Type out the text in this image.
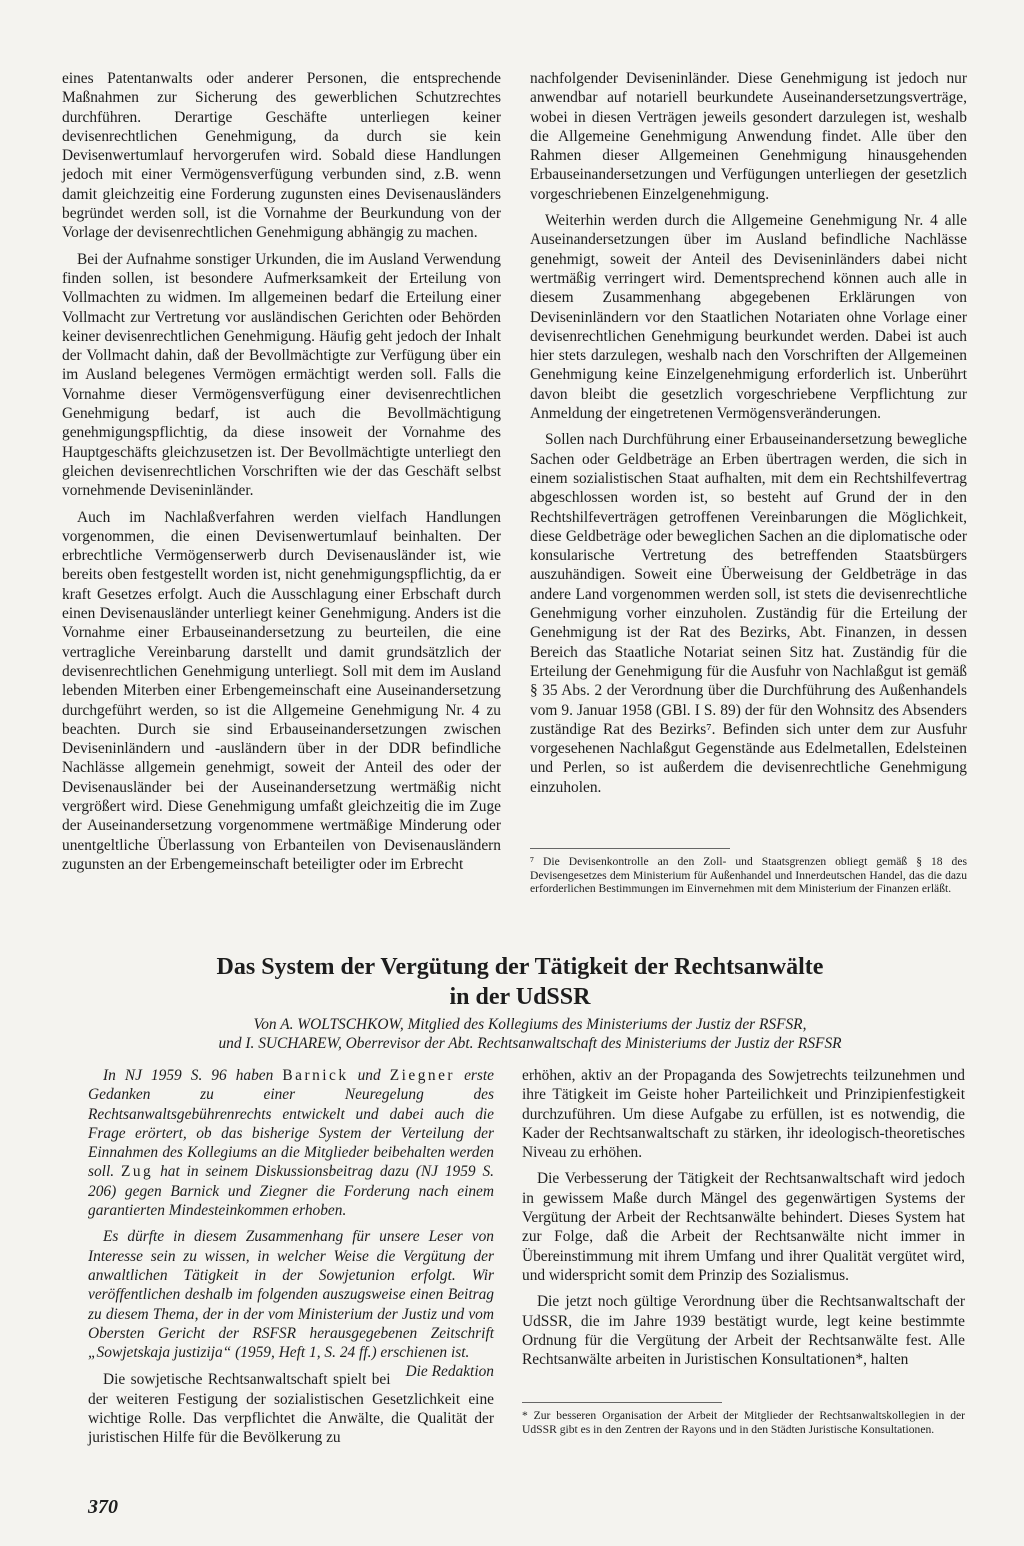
eines Patentanwalts oder anderer Personen, die entsprechende Maßnahmen zur Sicherung des gewerblichen Schutzrechtes durchführen. Derartige Geschäfte unterliegen keiner devisenrechtlichen Genehmigung, da durch sie kein Devisenwertumlauf hervorgerufen wird. Sobald diese Handlungen jedoch mit einer Vermögensverfügung verbunden sind, z.B. wenn damit gleichzeitig eine Forderung zugunsten eines Devisenausländers begründet werden soll, ist die Vornahme der Beurkundung von der Vorlage der devisenrechtlichen Genehmigung abhängig zu machen.

Bei der Aufnahme sonstiger Urkunden, die im Ausland Verwendung finden sollen, ist besondere Aufmerksamkeit der Erteilung von Vollmachten zu widmen. Im allgemeinen bedarf die Erteilung einer Vollmacht zur Vertretung vor ausländischen Gerichten oder Behörden keiner devisenrechtlichen Genehmigung. Häufig geht jedoch der Inhalt der Vollmacht dahin, daß der Bevollmächtigte zur Verfügung über ein im Ausland belegenes Vermögen ermächtigt werden soll. Falls die Vornahme dieser Vermögensverfügung einer devisenrechtlichen Genehmigung bedarf, ist auch die Bevollmächtigung genehmigungspflichtig, da diese insoweit der Vornahme des Hauptgeschäfts gleichzusetzen ist. Der Bevollmächtigte unterliegt den gleichen devisenrechtlichen Vorschriften wie der das Geschäft selbst vornehmende Deviseninländer.

Auch im Nachlaßverfahren werden vielfach Handlungen vorgenommen, die einen Devisenwertumlauf beinhalten. Der erbrechtliche Vermögenserwerb durch Devisenausländer ist, wie bereits oben festgestellt worden ist, nicht genehmigungspflichtig, da er kraft Gesetzes erfolgt. Auch die Ausschlagung einer Erbschaft durch einen Devisenausländer unterliegt keiner Genehmigung. Anders ist die Vornahme einer Erbauseinandersetzung zu beurteilen, die eine vertragliche Vereinbarung darstellt und damit grundsätzlich der devisenrechtlichen Genehmigung unterliegt. Soll mit dem im Ausland lebenden Miterben einer Erbengemeinschaft eine Auseinandersetzung durchgeführt werden, so ist die Allgemeine Genehmigung Nr. 4 zu beachten. Durch sie sind Erbauseinandersetzungen zwischen Deviseninländern und -ausländern über in der DDR befindliche Nachlässe allgemein genehmigt, soweit der Anteil des oder der Devisenausländer bei der Auseinandersetzung wertmäßig nicht vergrößert wird. Diese Genehmigung umfaßt gleichzeitig die im Zuge der Auseinandersetzung vorgenommene wertmäßige Minderung oder unentgeltliche Überlassung von Erbanteilen von Devisenausländern zugunsten an der Erbengemeinschaft beteiligter oder im Erbrecht

nachfolgender Deviseninländer. Diese Genehmigung ist jedoch nur anwendbar auf notariell beurkundete Auseinandersetzungsverträge, wobei in diesen Verträgen jeweils gesondert darzulegen ist, weshalb die Allgemeine Genehmigung Anwendung findet. Alle über den Rahmen dieser Allgemeinen Genehmigung hinausgehenden Erbauseinandersetzungen und Verfügungen unterliegen der gesetzlich vorgeschriebenen Einzelgenehmigung.

Weiterhin werden durch die Allgemeine Genehmigung Nr. 4 alle Auseinandersetzungen über im Ausland befindliche Nachlässe genehmigt, soweit der Anteil des Deviseninländers dabei nicht wertmäßig verringert wird. Dementsprechend können auch alle in diesem Zusammenhang abgegebenen Erklärungen von Deviseninländern vor den Staatlichen Notariaten ohne Vorlage einer devisenrechtlichen Genehmigung beurkundet werden. Dabei ist auch hier stets darzulegen, weshalb nach den Vorschriften der Allgemeinen Genehmigung keine Einzelgenehmigung erforderlich ist. Unberührt davon bleibt die gesetzlich vorgeschriebene Verpflichtung zur Anmeldung der eingetretenen Vermögensveränderungen.

Sollen nach Durchführung einer Erbauseinandersetzung bewegliche Sachen oder Geldbeträge an Erben übertragen werden, die sich in einem sozialistischen Staat aufhalten, mit dem ein Rechtshilfevertrag abgeschlossen worden ist, so besteht auf Grund der in den Rechtshilfeverträgen getroffenen Vereinbarungen die Möglichkeit, diese Geldbeträge oder beweglichen Sachen an die diplomatische oder konsularische Vertretung des betreffenden Staatsbürgers auszuhändigen. Soweit eine Überweisung der Geldbeträge in das andere Land vorgenommen werden soll, ist stets die devisenrechtliche Genehmigung vorher einzuholen. Zuständig für die Erteilung der Genehmigung ist der Rat des Bezirks, Abt. Finanzen, in dessen Bereich das Staatliche Notariat seinen Sitz hat. Zuständig für die Erteilung der Genehmigung für die Ausfuhr von Nachlaßgut ist gemäß § 35 Abs. 2 der Verordnung über die Durchführung des Außenhandels vom 9. Januar 1958 (GBl. I S. 89) der für den Wohnsitz des Absenders zuständige Rat des Bezirks⁷. Befinden sich unter dem zur Ausfuhr vorgesehenen Nachlaßgut Gegenstände aus Edelmetallen, Edelsteinen und Perlen, so ist außerdem die devisenrechtliche Genehmigung einzuholen.

⁷ Die Devisenkontrolle an den Zoll- und Staatsgrenzen obliegt gemäß § 18 des Devisengesetzes dem Ministerium für Außenhandel und Innerdeutschen Handel, das die dazu erforderlichen Bestimmungen im Einvernehmen mit dem Ministerium der Finanzen erläßt.
Das System der Vergütung der Tätigkeit der Rechtsanwälte
in der UdSSR
Von A. WOLTSCHKOW, Mitglied des Kollegiums des Ministeriums der Justiz der RSFSR,
und I. SUCHAREW, Oberrevisor der Abt. Rechtsanwaltschaft des Ministeriums der Justiz der RSFSR

In NJ 1959 S. 96 haben Barnick und Ziegner erste Gedanken zu einer Neuregelung des Rechtsanwaltsgebührenrechts entwickelt und dabei auch die Frage erörtert, ob das bisherige System der Verteilung der Einnahmen des Kollegiums an die Mitglieder beibehalten werden soll. Zug hat in seinem Diskussionsbeitrag dazu (NJ 1959 S. 206) gegen Barnick und Ziegner die Forderung nach einem garantierten Mindesteinkommen erhoben.

Es dürfte in diesem Zusammenhang für unsere Leser von Interesse sein zu wissen, in welcher Weise die Vergütung der anwaltlichen Tätigkeit in der Sowjetunion erfolgt. Wir veröffentlichen deshalb im folgenden auszugsweise einen Beitrag zu diesem Thema, der in der vom Ministerium der Justiz und vom Obersten Gericht der RSFSR herausgegebenen Zeitschrift „Sowjetskaja justizija“ (1959, Heft 1, S. 24 ff.) erschienen ist.
Die Redaktion

Die sowjetische Rechtsanwaltschaft spielt bei der weiteren Festigung der sozialistischen Gesetzlichkeit eine wichtige Rolle. Das verpflichtet die Anwälte, die Qualität der juristischen Hilfe für die Bevölkerung zu

erhöhen, aktiv an der Propaganda des Sowjetrechts teilzunehmen und ihre Tätigkeit im Geiste hoher Parteilichkeit und Prinzipienfestigkeit durchzuführen. Um diese Aufgabe zu erfüllen, ist es notwendig, die Kader der Rechtsanwaltschaft zu stärken, ihr ideologisch-theoretisches Niveau zu erhöhen.

Die Verbesserung der Tätigkeit der Rechtsanwaltschaft wird jedoch in gewissem Maße durch Mängel des gegenwärtigen Systems der Vergütung der Arbeit der Rechtsanwälte behindert. Dieses System hat zur Folge, daß die Arbeit der Rechtsanwälte nicht immer in Übereinstimmung mit ihrem Umfang und ihrer Qualität vergütet wird, und widerspricht somit dem Prinzip des Sozialismus.

Die jetzt noch gültige Verordnung über die Rechtsanwaltschaft der UdSSR, die im Jahre 1939 bestätigt wurde, legt keine bestimmte Ordnung für die Vergütung der Arbeit der Rechtsanwälte fest. Alle Rechtsanwälte arbeiten in Juristischen Konsultationen*, halten

* Zur besseren Organisation der Arbeit der Mitglieder der Rechtsanwaltskollegien in der UdSSR gibt es in den Zentren der Rayons und in den Städten Juristische Konsultationen.
370
